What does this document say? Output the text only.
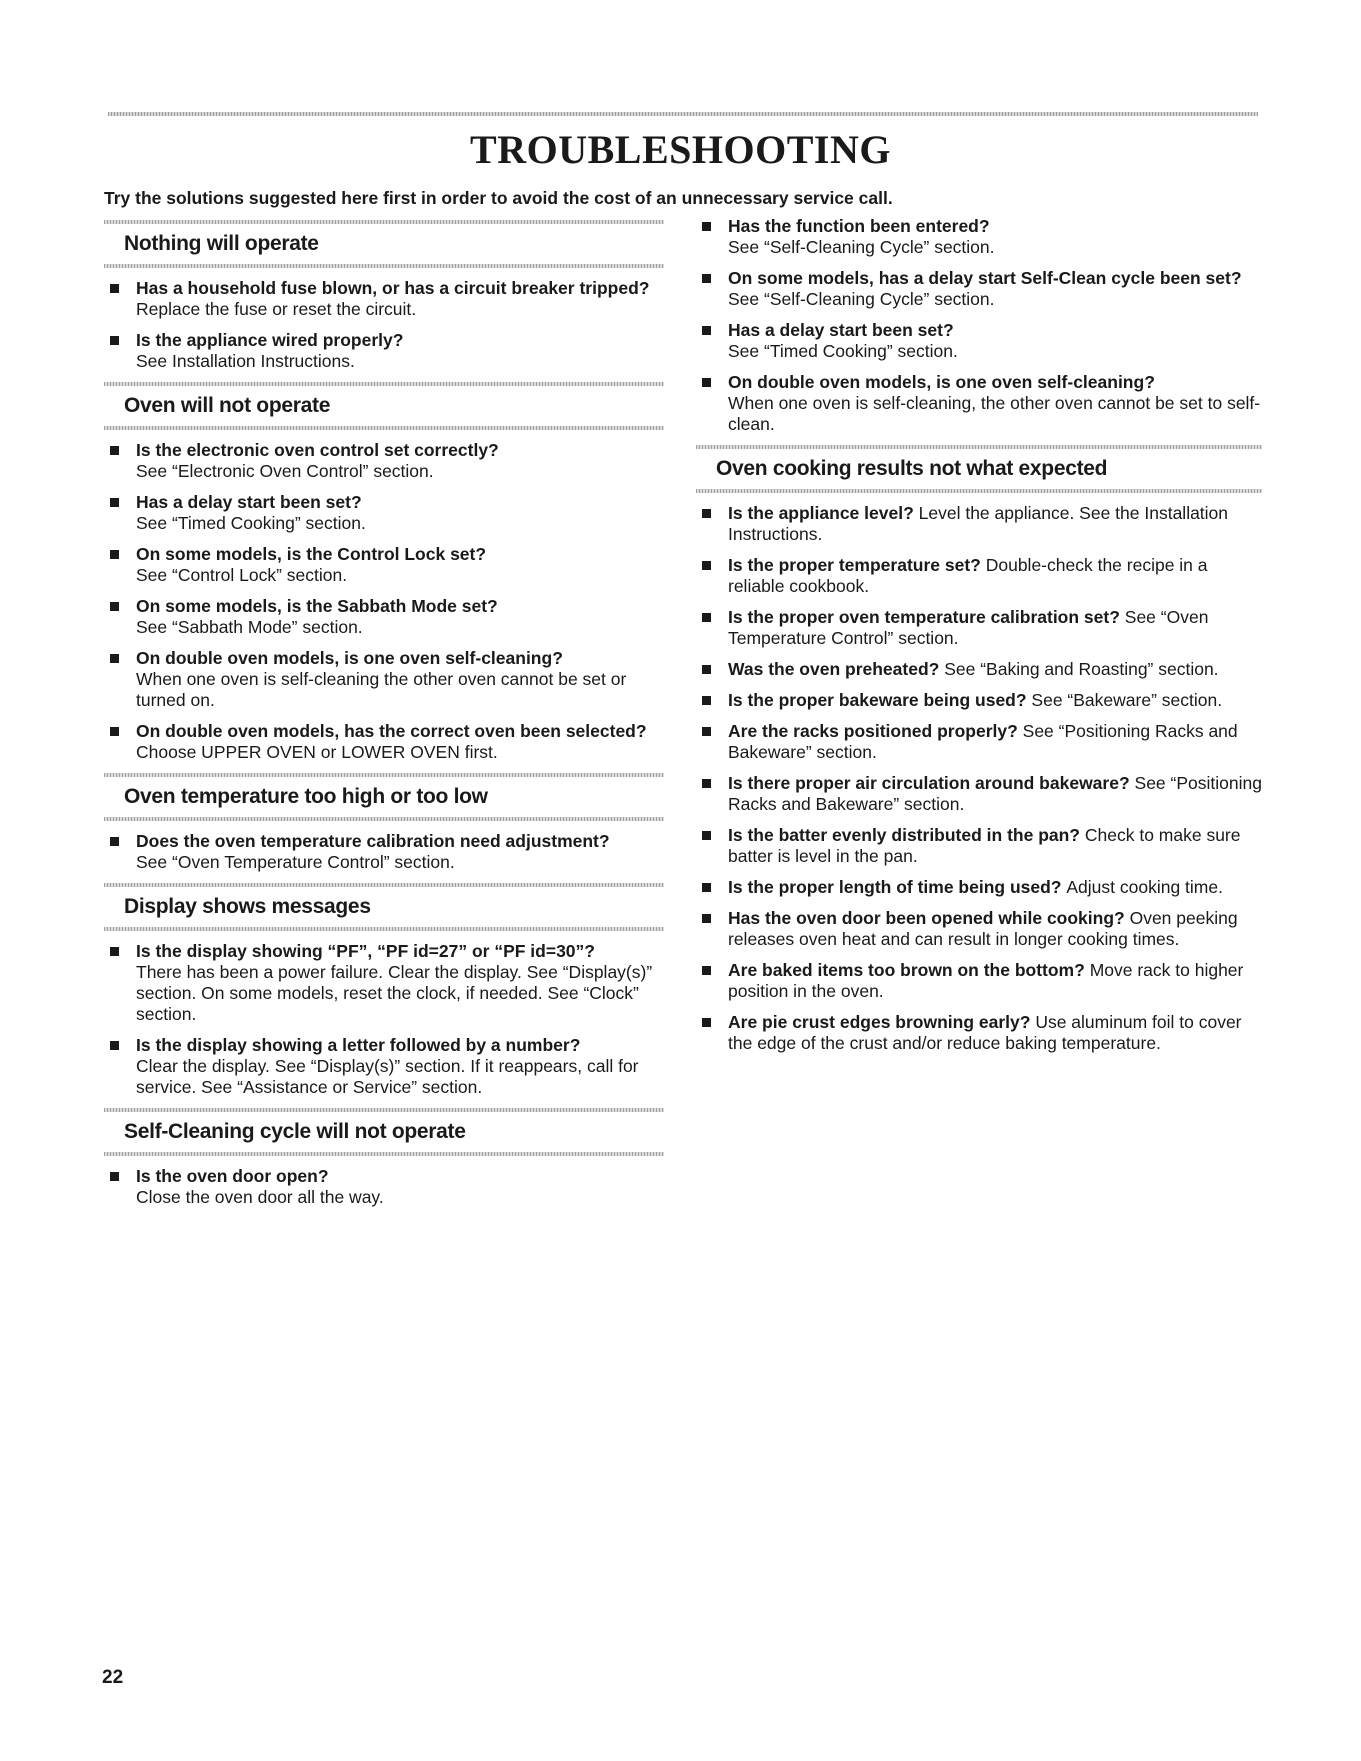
TROUBLESHOOTING
Try the solutions suggested here first in order to avoid the cost of an unnecessary service call.
Nothing will operate
Has a household fuse blown, or has a circuit breaker tripped?
Replace the fuse or reset the circuit.
Is the appliance wired properly?
See Installation Instructions.
Oven will not operate
Is the electronic oven control set correctly?
See “Electronic Oven Control” section.
Has a delay start been set?
See “Timed Cooking” section.
On some models, is the Control Lock set?
See “Control Lock” section.
On some models, is the Sabbath Mode set?
See “Sabbath Mode” section.
On double oven models, is one oven self-cleaning?
When one oven is self-cleaning the other oven cannot be set or turned on.
On double oven models, has the correct oven been selected?
Choose UPPER OVEN or LOWER OVEN first.
Oven temperature too high or too low
Does the oven temperature calibration need adjustment?
See “Oven Temperature Control” section.
Display shows messages
Is the display showing “PF”, “PF id=27” or “PF id=30”?
There has been a power failure. Clear the display. See “Display(s)” section. On some models, reset the clock, if needed. See “Clock” section.
Is the display showing a letter followed by a number?
Clear the display. See “Display(s)” section. If it reappears, call for service. See “Assistance or Service” section.
Self-Cleaning cycle will not operate
Is the oven door open?
Close the oven door all the way.
Has the function been entered?
See “Self-Cleaning Cycle” section.
On some models, has a delay start Self-Clean cycle been set?
See “Self-Cleaning Cycle” section.
Has a delay start been set?
See “Timed Cooking” section.
On double oven models, is one oven self-cleaning?
When one oven is self-cleaning, the other oven cannot be set to self-clean.
Oven cooking results not what expected
Is the appliance level? Level the appliance. See the Installation Instructions.
Is the proper temperature set? Double-check the recipe in a reliable cookbook.
Is the proper oven temperature calibration set? See “Oven Temperature Control” section.
Was the oven preheated? See “Baking and Roasting” section.
Is the proper bakeware being used? See “Bakeware” section.
Are the racks positioned properly? See “Positioning Racks and Bakeware” section.
Is there proper air circulation around bakeware? See “Positioning Racks and Bakeware” section.
Is the batter evenly distributed in the pan? Check to make sure batter is level in the pan.
Is the proper length of time being used? Adjust cooking time.
Has the oven door been opened while cooking? Oven peeking releases oven heat and can result in longer cooking times.
Are baked items too brown on the bottom? Move rack to higher position in the oven.
Are pie crust edges browning early? Use aluminum foil to cover the edge of the crust and/or reduce baking temperature.
22
